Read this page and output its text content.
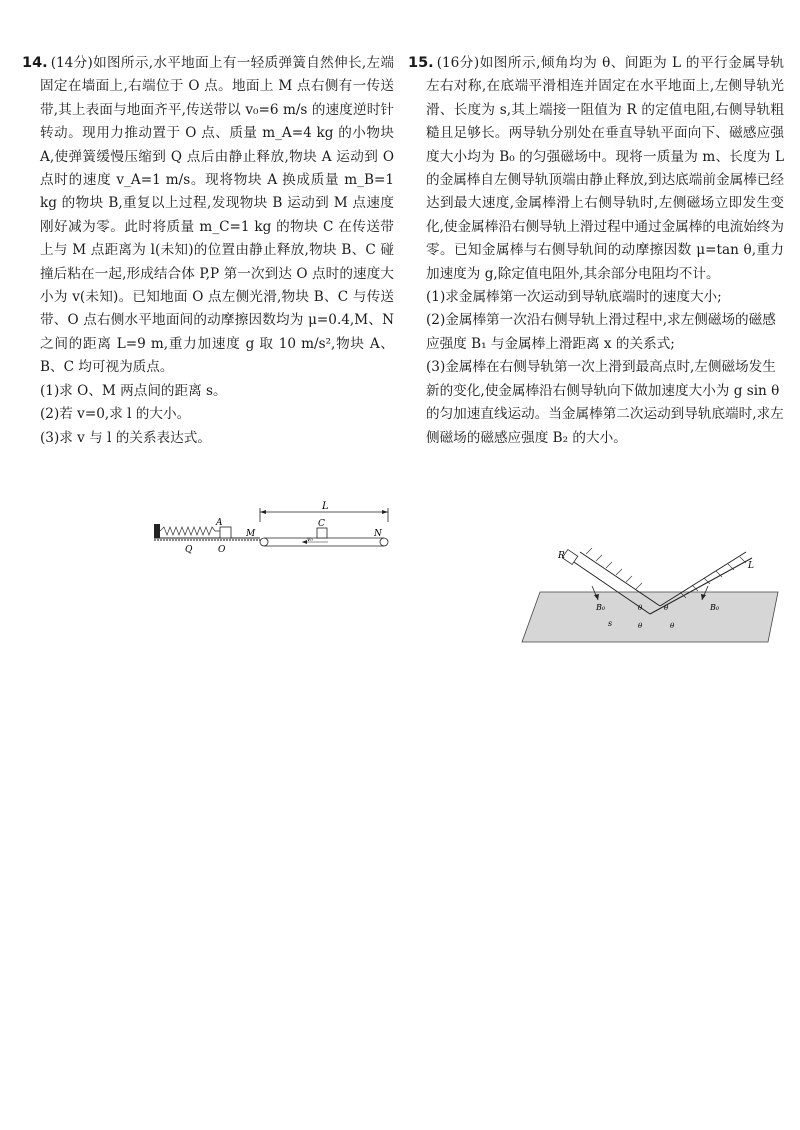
14. (14分)如图所示,水平地面上有一轻质弹簧自然伸长,左端固定在墙面上,右端位于 O 点。地面上 M 点右侧有一传送带,其上表面与地面齐平,传送带以 v₀=6 m/s 的速度逆时针转动。现用力推动置于 O 点、质量 m_A=4 kg 的小物块 A,使弹簧缓慢压缩到 Q 点后由静止释放,物块 A 运动到 O 点时的速度 v_A=1 m/s。现将物块 A 换成质量 m_B=1 kg 的物块 B,重复以上过程,发现物块 B 运动到 M 点速度刚好减为零。此时将质量 m_C=1 kg 的物块 C 在传送带上与 M 点距离为 l(未知)的位置由静止释放,物块 B、C 碰撞后粘在一起,形成结合体 P,P 第一次到达 O 点时的速度大小为 v(未知)。已知地面 O 点左侧光滑,物块 B、C 与传送带、O 点右侧水平地面间的动摩擦因数均为 μ=0.4,M、N 之间的距离 L=9 m,重力加速度 g 取 10 m/s²,物块 A、B、C 均可视为质点。
(1)求 O、M 两点间的距离 s。
(2)若 v=0,求 l 的大小。
(3)求 v 与 l 的关系表达式。
L
A
Q	O
M
v₀
C
N
15. (16分)如图所示,倾角均为 θ、间距为 L 的平行金属导轨左右对称,在底端平滑相连并固定在水平地面上,左侧导轨光滑、长度为 s,其上端接一阻值为 R 的定值电阻,右侧导轨粗糙且足够长。两导轨分别处在垂直导轨平面向下、磁感应强度大小均为 B₀ 的匀强磁场中。现将一质量为 m、长度为 L 的金属棒自左侧导轨顶端由静止释放,到达底端前金属棒已经达到最大速度,金属棒滑上右侧导轨时,左侧磁场立即发生变化,使金属棒沿右侧导轨上滑过程中通过金属棒的电流始终为零。已知金属棒与右侧导轨间的动摩擦因数 μ=tan θ,重力加速度为 g,除定值电阻外,其余部分电阻均不计。
(1)求金属棒第一次运动到导轨底端时的速度大小;
(2)金属棒第一次沿右侧导轨上滑过程中,求左侧磁场的磁感应强度 B₁ 与金属棒上滑距离 x 的关系式;
(3)金属棒在右侧导轨第一次上滑到最高点时,左侧磁场发生新的变化,使金属棒沿右侧导轨向下做加速度大小为 g sin θ 的匀加速直线运动。当金属棒第二次运动到导轨底端时,求左侧磁场的磁感应强度 B₂ 的大小。
R
L
B₀	B₀
θ	θ
θ	θ
s
